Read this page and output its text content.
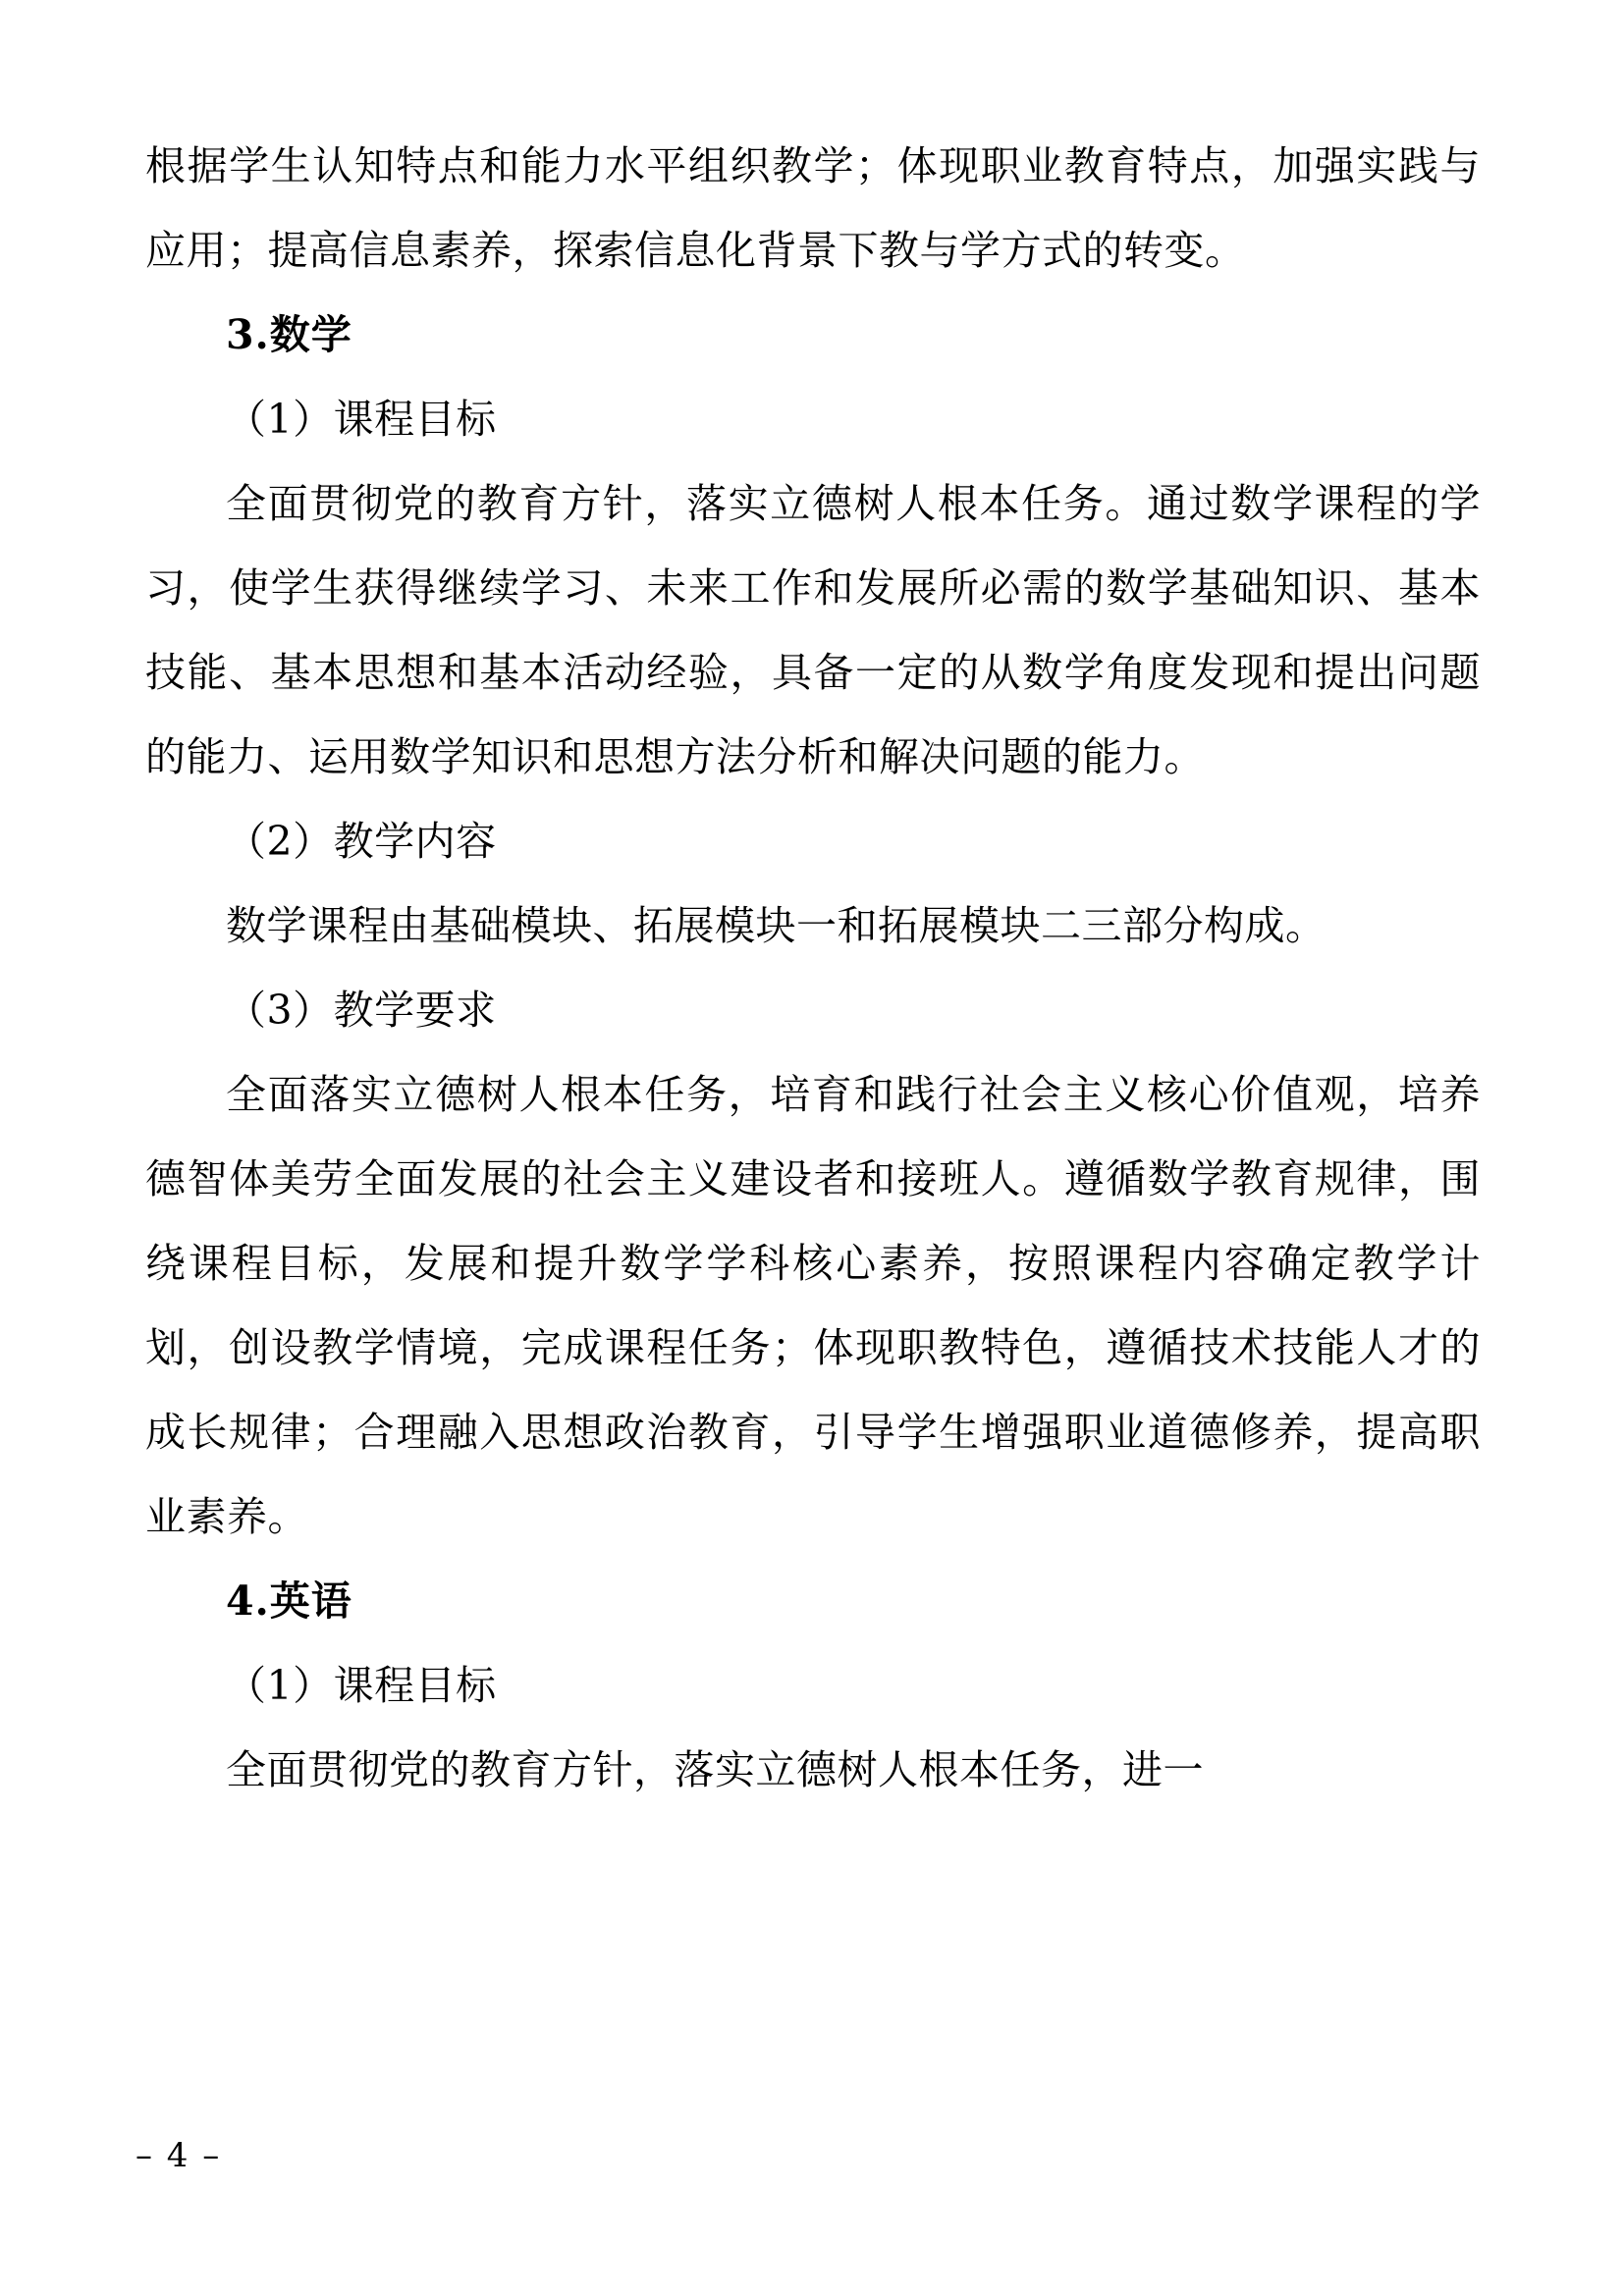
根据学生认知特点和能力水平组织教学；体现职业教育特点，加强实践与应用；提高信息素养，探索信息化背景下教与学方式的转变。

3.数学

（1）课程目标

全面贯彻党的教育方针，落实立德树人根本任务。通过数学课程的学习，使学生获得继续学习、未来工作和发展所必需的数学基础知识、基本技能、基本思想和基本活动经验，具备一定的从数学角度发现和提出问题的能力、运用数学知识和思想方法分析和解决问题的能力。

（2）教学内容

数学课程由基础模块、拓展模块一和拓展模块二三部分构成。

（3）教学要求

全面落实立德树人根本任务，培育和践行社会主义核心价值观，培养德智体美劳全面发展的社会主义建设者和接班人。遵循数学教育规律，围绕课程目标，发展和提升数学学科核心素养，按照课程内容确定教学计划，创设教学情境，完成课程任务；体现职教特色，遵循技术技能人才的成长规律；合理融入思想政治教育，引导学生增强职业道德修养，提高职业素养。

4.英语

（1）课程目标

全面贯彻党的教育方针，落实立德树人根本任务，进一

– 4 –
